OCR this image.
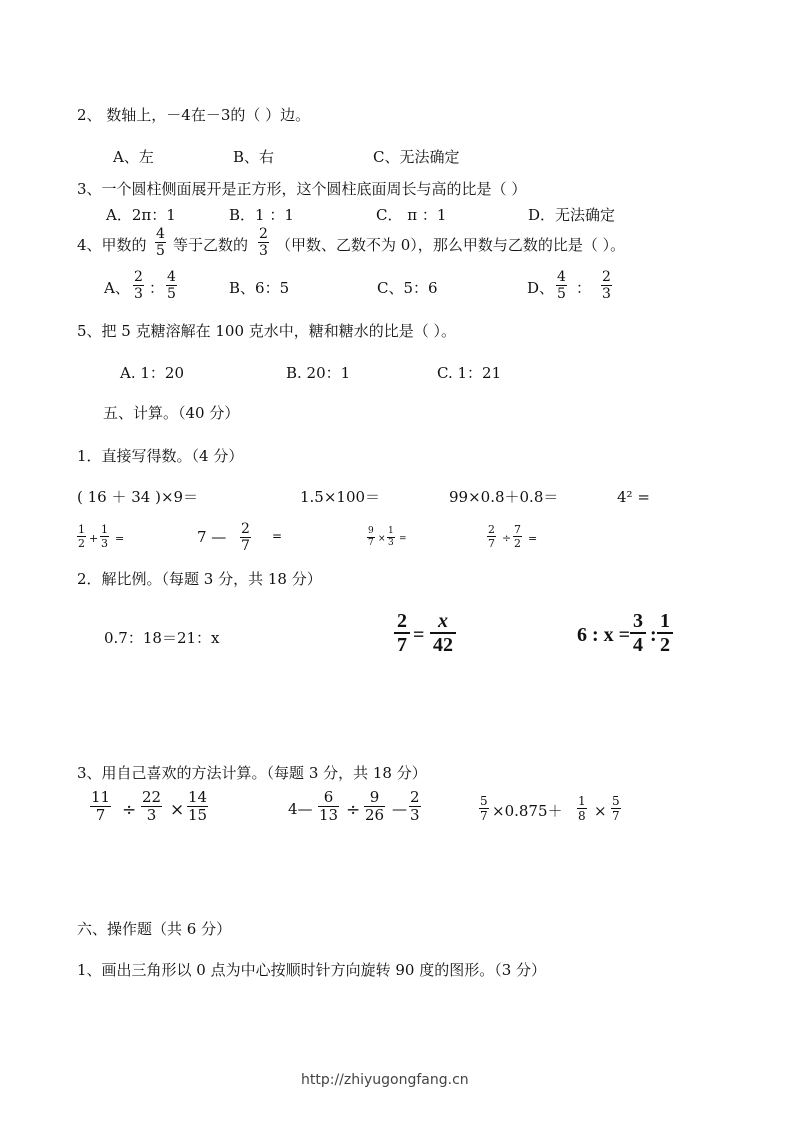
2、 数轴上，－4在－3的（ ）边。
A、左	B、右	C、无法确定
3、一个圆柱侧面展开是正方形，这个圆柱底面周长与高的比是（ ）
A．2π：1	B．1 ：1	C． π ：1	D．无法确定
4、甲数的
4
5 等于乙数的
2
3 （甲数、乙数不为 0），那么甲数与乙数的比是（ ）。
A、
2
3 ：
4
5	B、6：5	C、5：6	D、
4
5 ：
2
3
5、把 5 克糖溶解在 100 克水中，糖和糖水的比是（ ）。
A. 1：20	B. 20：1	C. 1：21
五、计算。（40 分）
1．直接写得数。（4 分）
( 16 ＋ 34 )×9＝	1.5×100＝	99×0.8＋0.8＝	4² =
1
2 +
1
3 =	7 — 2
7
=	9
7 ×
1
3 =
2
7 ÷
7
2 =
2．解比例。（每题 3 分，共 18 分）
0.7：18＝21：x
2
7 =
x
42	6 : x =
3
4 :
1
2
3、用自己喜欢的方法计算。（每题 3 分，共 18 分）
11
7 ÷
22
3 ×
14
15	4—
6
13 ÷
9
26 —
2
3
5
7 ×0.875＋
1
8 ×
5
7
六、操作题（共 6 分）
1、画出三角形以 0 点为中心按顺时针方向旋转 90 度的图形。（3 分）
http://zhiyugongfang.cn
